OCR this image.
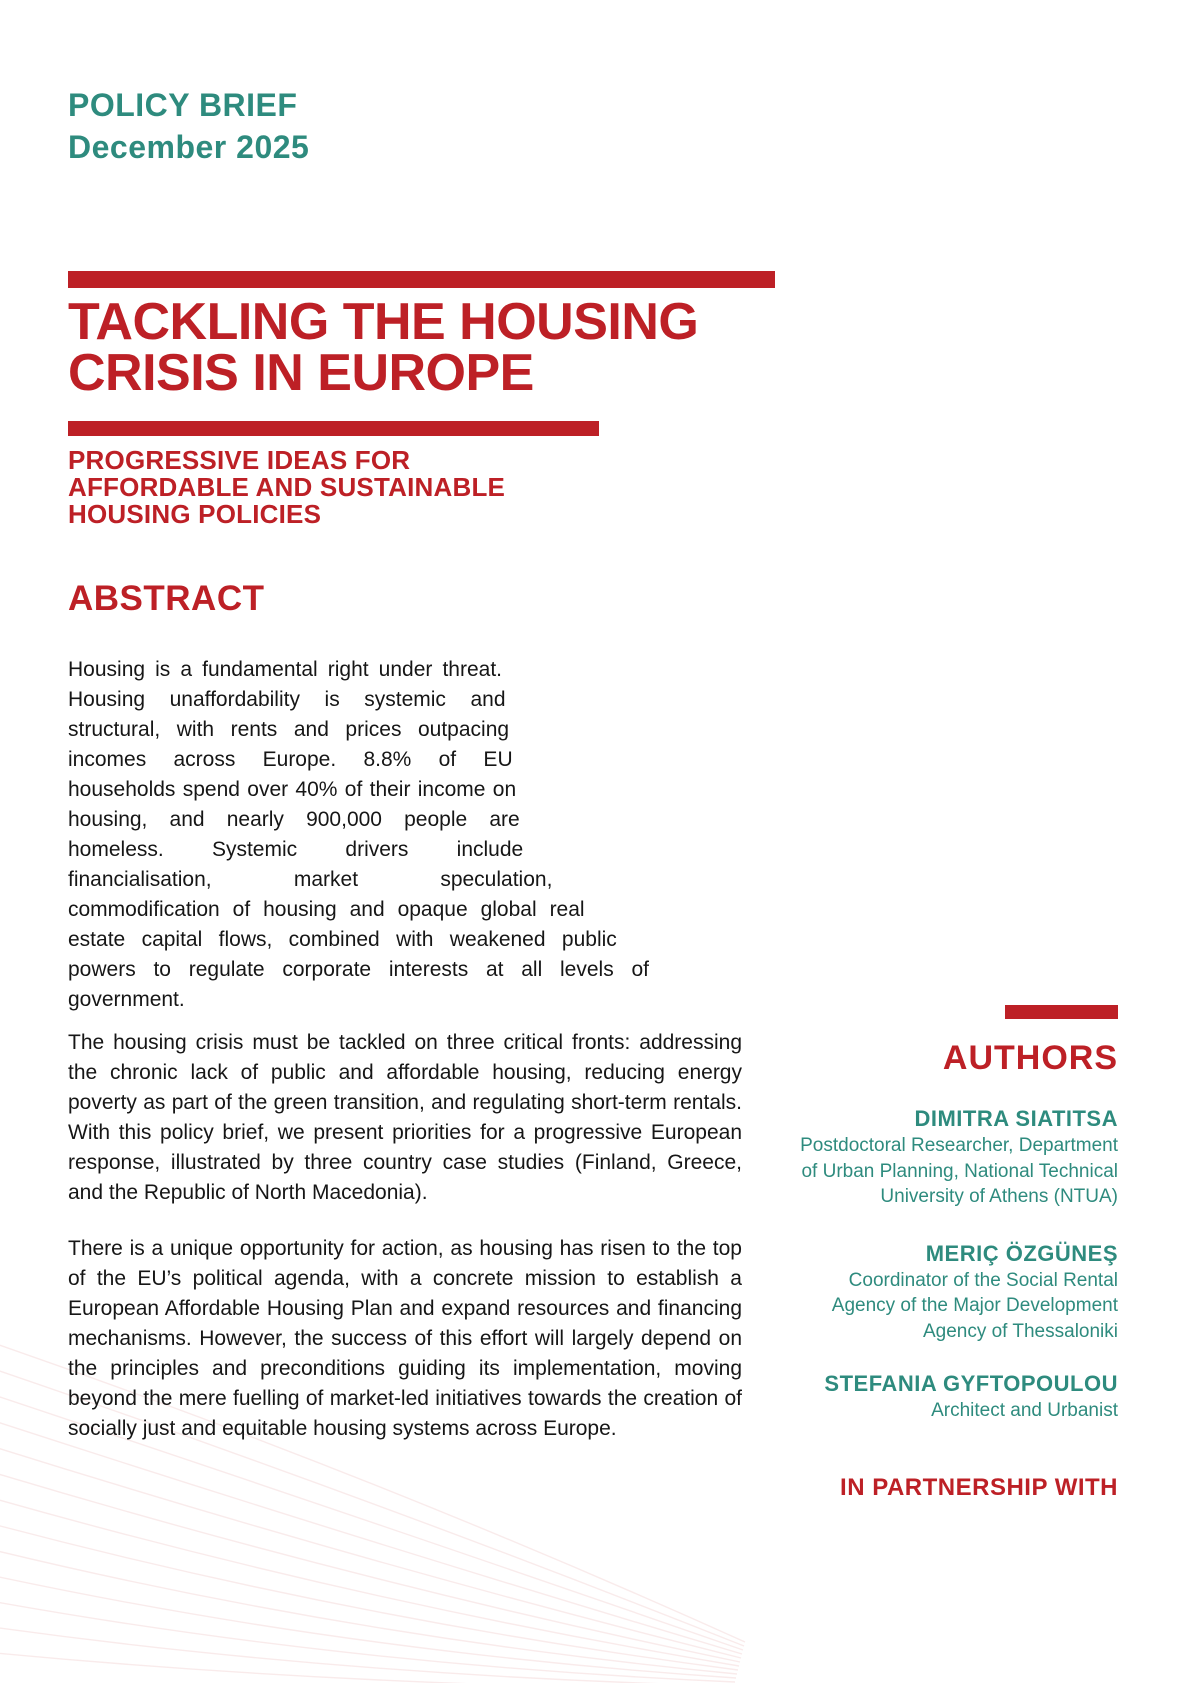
POLICY BRIEF
December 2025
TACKLING THE HOUSING
CRISIS IN EUROPE
PROGRESSIVE IDEAS FOR
AFFORDABLE AND SUSTAINABLE
HOUSING POLICIES
ABSTRACT

Housing is a fundamental right under threat. Housing unaffordability is systemic and structural, with rents and prices outpacing incomes across Europe. 8.8% of EU households spend over 40% of their income on housing, and nearly 900,000 people are homeless. Systemic drivers include financialisation, market speculation, commodification of housing and opaque global real estate capital flows, combined with weakened public powers to regulate corporate interests at all levels of government.

The housing crisis must be tackled on three critical fronts: addressing the chronic lack of public and affordable housing, reducing energy poverty as part of the green transition, and regulating short-term rentals. With this policy brief, we present priorities for a progressive European response, illustrated by three country case studies (Finland, Greece, and the Republic of North Macedonia).

There is a unique opportunity for action, as housing has risen to the top of the EU’s political agenda, with a concrete mission to establish a European Affordable Housing Plan and expand resources and financing mechanisms. However, the success of this effort will largely depend on the principles and preconditions guiding its implementation, moving beyond the mere fuelling of market-led initiatives towards the creation of socially just and equitable housing systems across Europe.

AUTHORS
DIMITRA SIATITSA
Postdoctoral Researcher, Department of Urban Planning, National Technical University of Athens (NTUA)
MERIÇ ÖZGÜNEŞ
Coordinator of the Social Rental Agency of the Major Development Agency of Thessaloniki
STEFANIA GYFTOPOULOU
Architect and Urbanist
IN PARTNERSHIP WITH
